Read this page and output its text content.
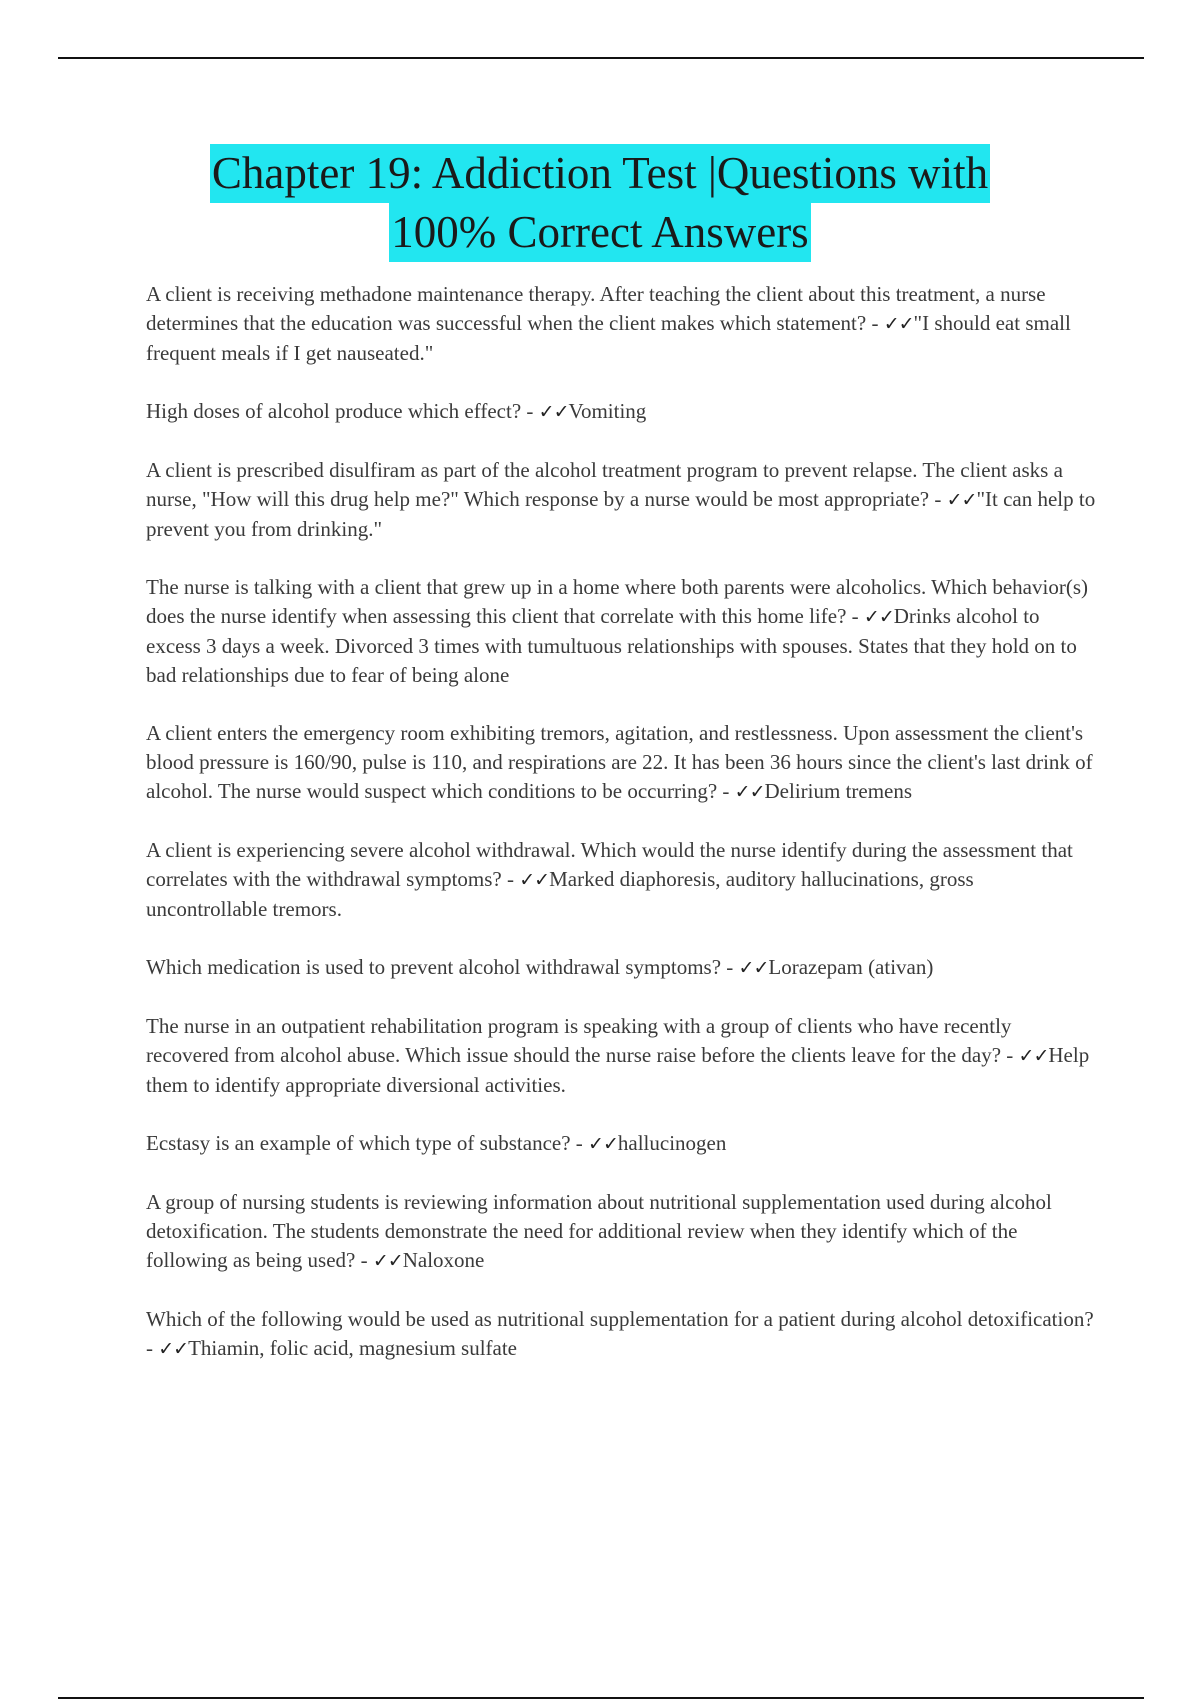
Chapter 19: Addiction Test |Questions with
100% Correct Answers

A client is receiving methadone maintenance therapy. After teaching the client about this treatment, a nurse determines that the education was successful when the client makes which statement? - ✓✓"I should eat small frequent meals if I get nauseated."

High doses of alcohol produce which effect? - ✓✓Vomiting

A client is prescribed disulfiram as part of the alcohol treatment program to prevent relapse. The client asks a nurse, "How will this drug help me?" Which response by a nurse would be most appropriate? - ✓✓"It can help to prevent you from drinking."

The nurse is talking with a client that grew up in a home where both parents were alcoholics. Which behavior(s) does the nurse identify when assessing this client that correlate with this home life? - ✓✓Drinks alcohol to excess 3 days a week. Divorced 3 times with tumultuous relationships with spouses. States that they hold on to bad relationships due to fear of being alone

A client enters the emergency room exhibiting tremors, agitation, and restlessness. Upon assessment the client's blood pressure is 160/90, pulse is 110, and respirations are 22. It has been 36 hours since the client's last drink of alcohol. The nurse would suspect which conditions to be occurring? - ✓✓Delirium tremens

A client is experiencing severe alcohol withdrawal. Which would the nurse identify during the assessment that correlates with the withdrawal symptoms? - ✓✓Marked diaphoresis, auditory hallucinations, gross uncontrollable tremors.

Which medication is used to prevent alcohol withdrawal symptoms? - ✓✓Lorazepam (ativan)

The nurse in an outpatient rehabilitation program is speaking with a group of clients who have recently recovered from alcohol abuse. Which issue should the nurse raise before the clients leave for the day? - ✓✓Help them to identify appropriate diversional activities.

Ecstasy is an example of which type of substance? - ✓✓hallucinogen

A group of nursing students is reviewing information about nutritional supplementation used during alcohol detoxification. The students demonstrate the need for additional review when they identify which of the following as being used? - ✓✓Naloxone

Which of the following would be used as nutritional supplementation for a patient during alcohol detoxification? - ✓✓Thiamin, folic acid, magnesium sulfate
